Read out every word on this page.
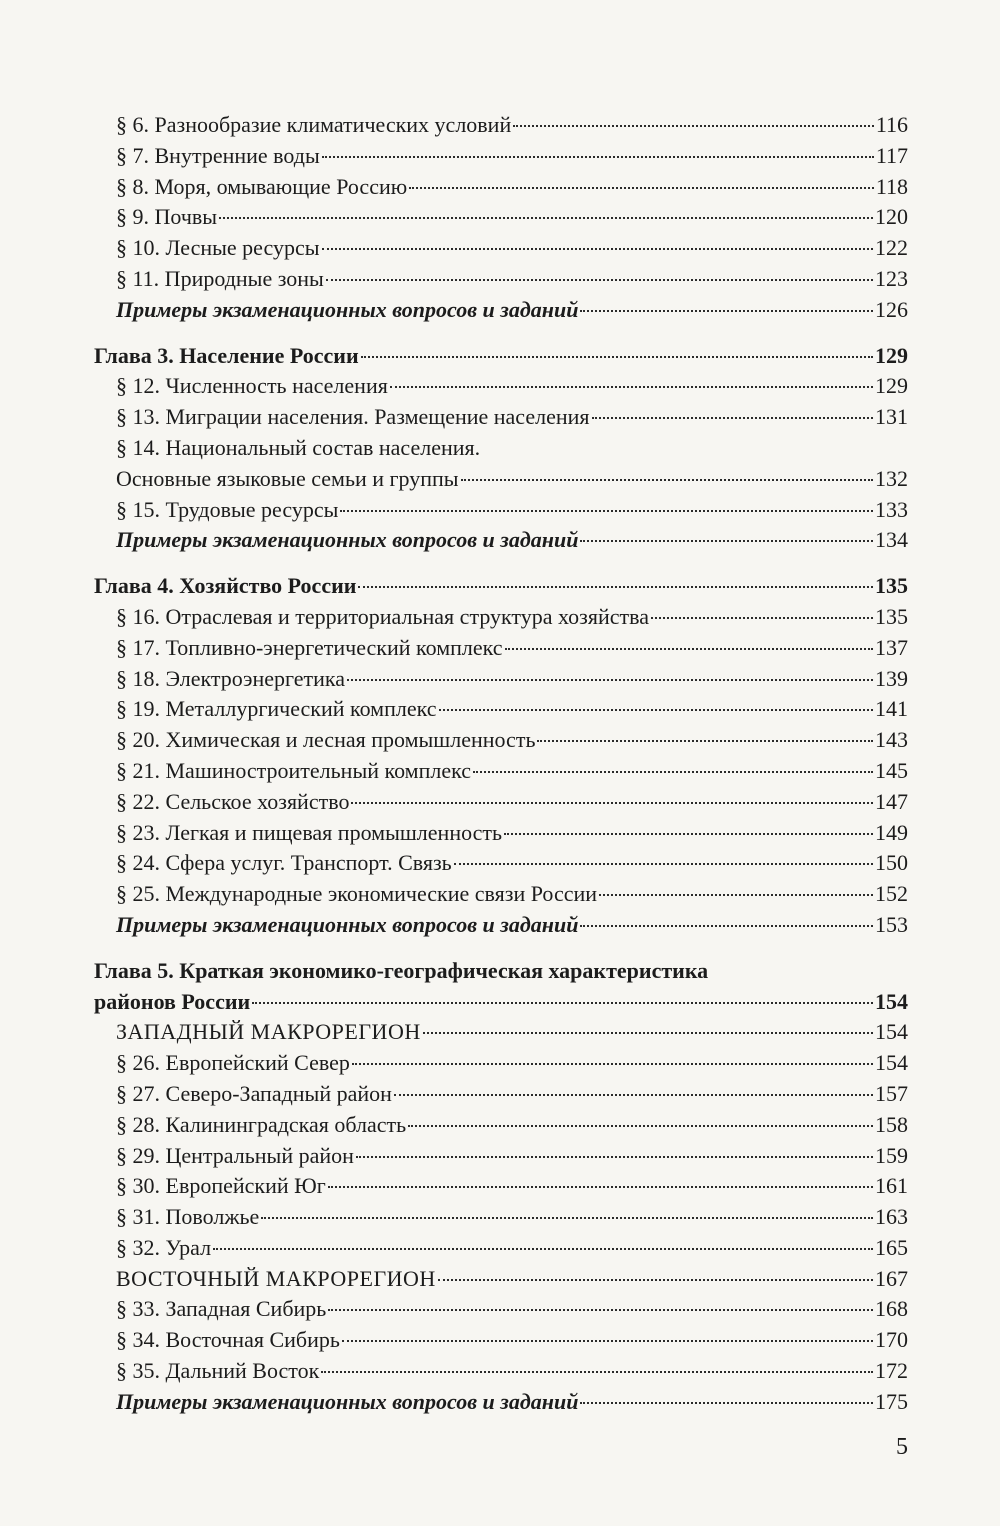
§ 6. Разнообразие климатических условий	116
§ 7. Внутренние воды	117
§ 8. Моря, омывающие Россию	118
§ 9. Почвы	120
§ 10. Лесные ресурсы	122
§ 11. Природные зоны	123
Примеры экзаменационных вопросов и заданий	126
Глава 3. Население России	129
§ 12. Численность населения	129
§ 13. Миграции населения. Размещение населения	131
§ 14. Национальный состав населения.
Основные языковые семьи и группы	132
§ 15. Трудовые ресурсы	133
Примеры экзаменационных вопросов и заданий	134
Глава 4. Хозяйство России	135
§ 16. Отраслевая и территориальная структура хозяйства	135
§ 17. Топливно-энергетический комплекс	137
§ 18. Электроэнергетика	139
§ 19. Металлургический комплекс	141
§ 20. Химическая и лесная промышленность	143
§ 21. Машиностроительный комплекс	145
§ 22. Сельское хозяйство	147
§ 23. Легкая и пищевая промышленность	149
§ 24. Сфера услуг. Транспорт. Связь	150
§ 25. Международные экономические связи России	152
Примеры экзаменационных вопросов и заданий	153
Глава 5. Краткая экономико-географическая характеристика
районов России	154
ЗАПАДНЫЙ МАКРОРЕГИОН	154
§ 26. Европейский Север	154
§ 27. Северо-Западный район	157
§ 28. Калининградская область	158
§ 29. Центральный район	159
§ 30. Европейский Юг	161
§ 31. Поволжье	163
§ 32. Урал	165
ВОСТОЧНЫЙ МАКРОРЕГИОН	167
§ 33. Западная Сибирь	168
§ 34. Восточная Сибирь	170
§ 35. Дальний Восток	172
Примеры экзаменационных вопросов и заданий	175
5
